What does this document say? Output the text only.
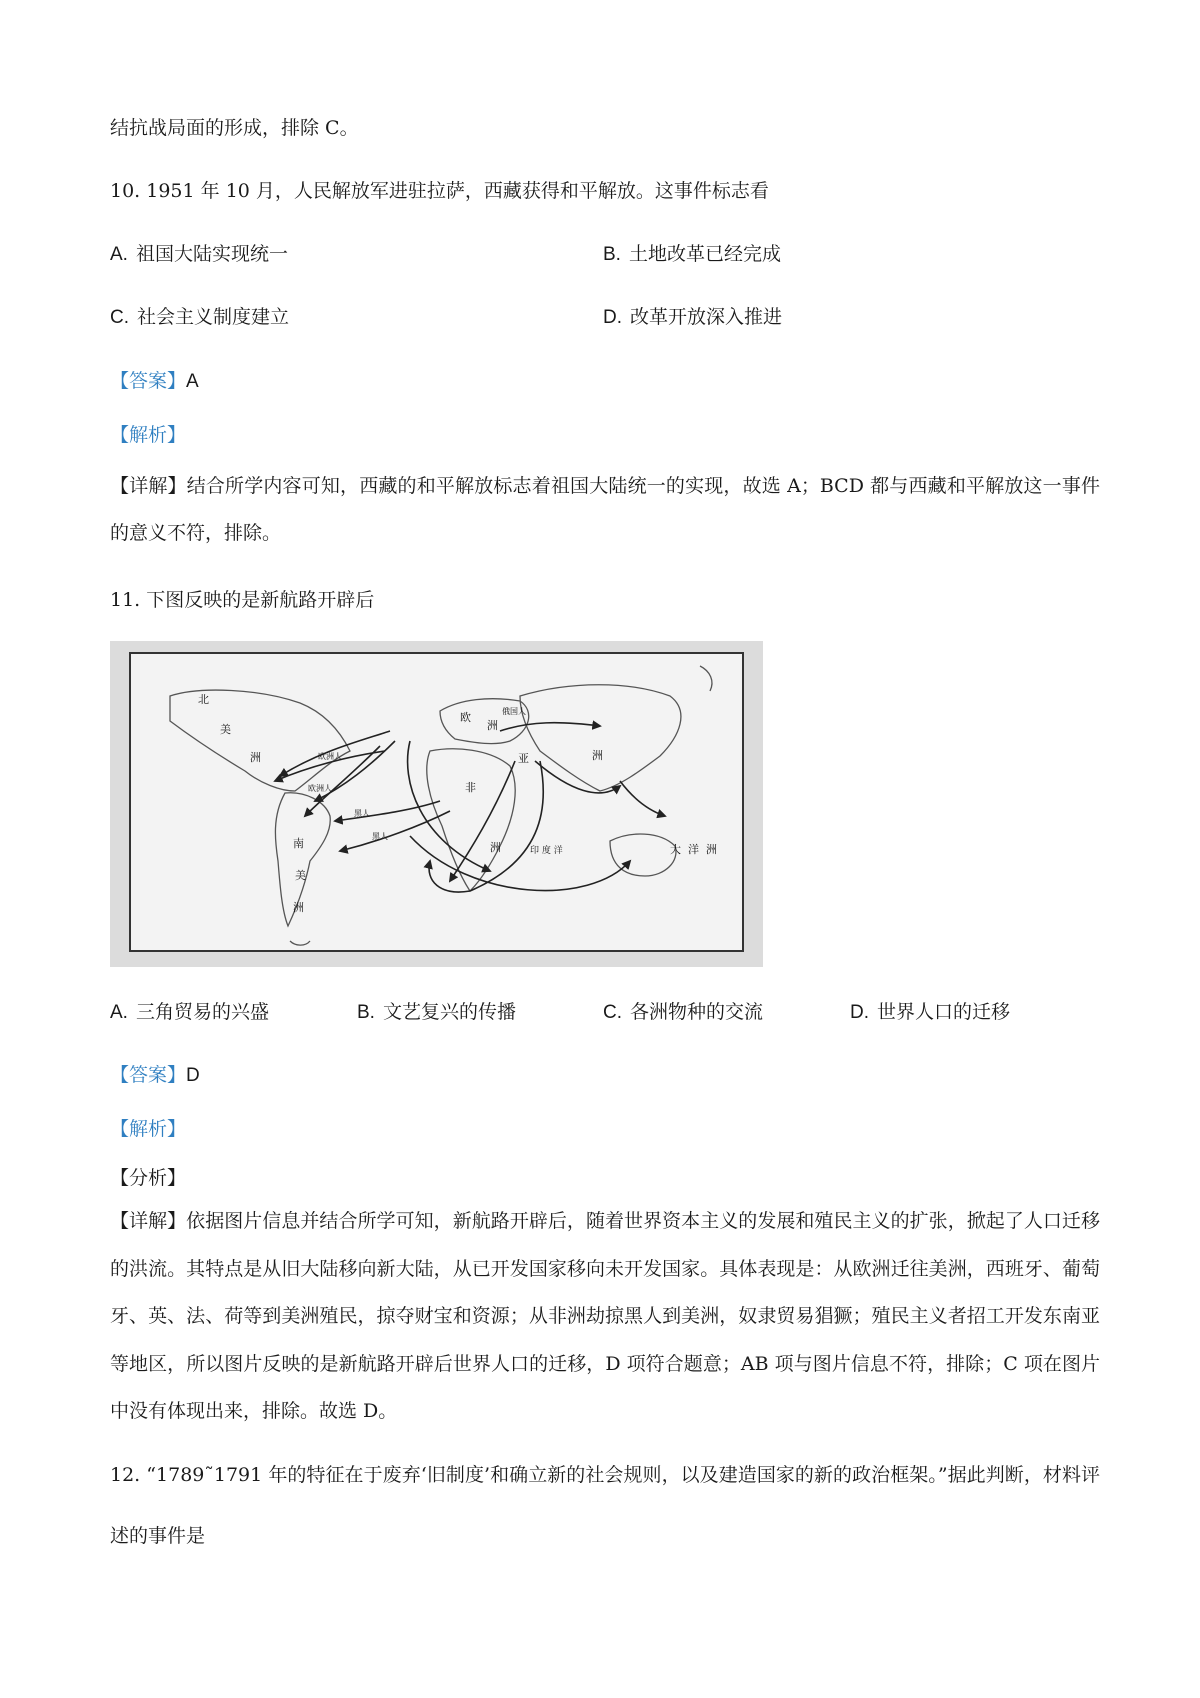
结抗战局面的形成，排除 C。
10. 1951 年 10 月，人民解放军进驻拉萨，西藏获得和平解放。这事件标志看
A. 祖国大陆实现统一	B. 土地改革已经完成
C. 社会主义制度建立	D. 改革开放深入推进
【答案】A
【解析】
【详解】结合所学内容可知，西藏的和平解放标志着祖国大陆统一的实现，故选 A；BCD 都与西藏和平解放这一事件的意义不符，排除。
11. 下图反映的是新航路开辟后
北
美
洲
南
美
洲
欧
洲
亚	洲
非
洲	大 洋 洲
印 度 洋
俄国人
欧洲人
欧洲人
黑人
黑人
A. 三角贸易的兴盛	B. 文艺复兴的传播	C. 各洲物种的交流	D. 世界人口的迁移
【答案】D
【解析】
【分析】
【详解】依据图片信息并结合所学可知，新航路开辟后，随着世界资本主义的发展和殖民主义的扩张，掀起了人口迁移的洪流。其特点是从旧大陆移向新大陆，从已开发国家移向未开发国家。具体表现是：从欧洲迁往美洲，西班牙、葡萄牙、英、法、荷等到美洲殖民，掠夺财宝和资源；从非洲劫掠黑人到美洲，奴隶贸易猖獗；殖民主义者招工开发东南亚等地区，所以图片反映的是新航路开辟后世界人口的迁移，D 项符合题意；AB 项与图片信息不符，排除；C 项在图片中没有体现出来，排除。故选 D。
12. “1789˜1791 年的特征在于废弃‘旧制度’和确立新的社会规则，以及建造国家的新的政治框架。”据此判断，材料评述的事件是
